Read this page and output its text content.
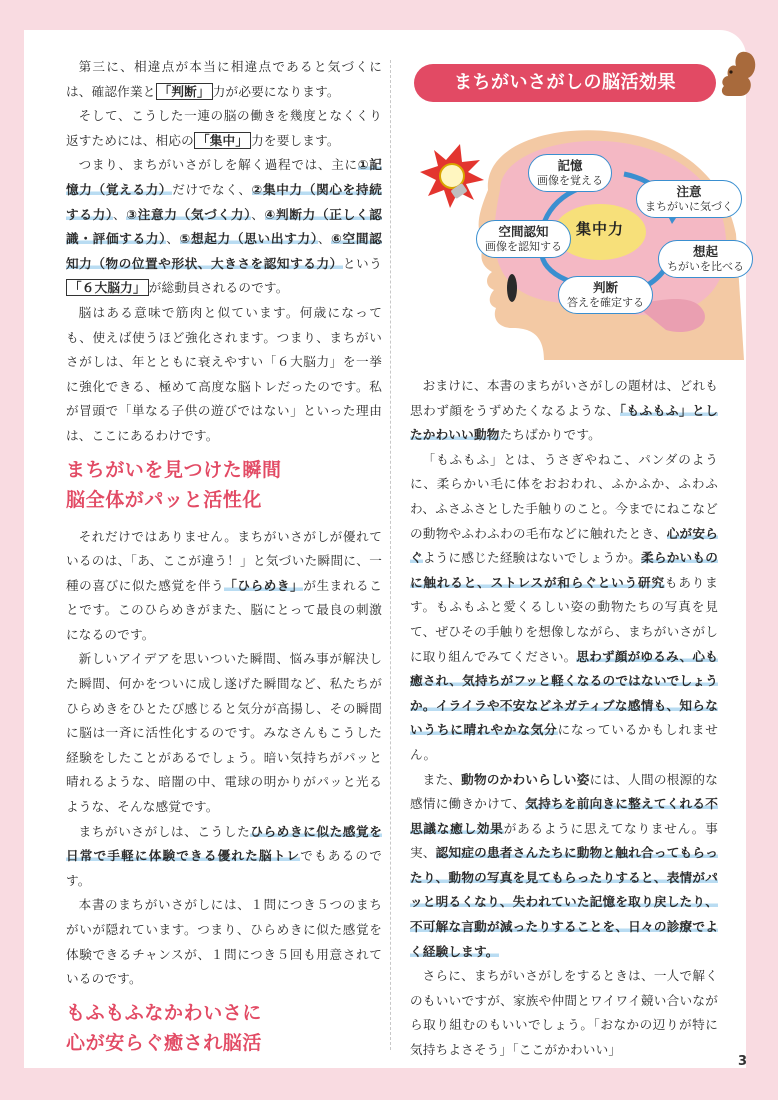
第三に、相違点が本当に相違点であると気づくには、確認作業と 「判断」 力が必要になります。

そして、こうした一連の脳の働きを幾度となくくり返すためには、相応の 「集中」 力を要します。

つまり、まちがいさがしを解く過程では、主に①記憶力（覚える力）だけでなく、②集中力（関心を持続する力）、③注意力（気づく力）、④判断力（正しく認識・評価する力）、⑤想起力（思い出す力）、⑥空間認知力（物の位置や形状、大きさを認知する力）という「６大脳力」 が総動員されるのです。

脳はある意味で筋肉と似ています。何歳になっても、使えば使うほど強化されます。つまり、まちがいさがしは、年とともに衰えやすい「６大脳力」を一挙に強化できる、極めて高度な脳トレだったのです。私が冒頭で「単なる子供の遊びではない」といった理由は、ここにあるわけです。

まちがいを見つけた瞬間
脳全体がパッと活性化

それだけではありません。まちがいさがしが優れているのは、「あ、ここが違う！」と気づいた瞬間に、一種の喜びに似た感覚を伴う「ひらめき」が生まれることです。このひらめきがまた、脳にとって最良の刺激になるのです。

新しいアイデアを思いついた瞬間、悩み事が解決した瞬間、何かをついに成し遂げた瞬間など、私たちがひらめきをひとたび感じると気分が高揚し、その瞬間に脳は一斉に活性化するのです。みなさんもこうした経験をしたことがあるでしょう。暗い気持ちがパッと晴れるような、暗闇の中、電球の明かりがパッと光るような、そんな感覚です。

まちがいさがしは、こうしたひらめきに似た感覚を日常で手軽に体験できる優れた脳トレでもあるのです。

本書のまちがいさがしには、１問につき５つのまちがいが隠れています。つまり、ひらめきに似た感覚を体験できるチャンスが、１問につき５回も用意されているのです。

もふもふなかわいさに
心が安らぐ癒され脳活
まちがいさがしの脳活効果
記憶
画像を覚える
注意
まちがいに気づく
空間認知
画像を認知する
集中力
想起
ちがいを比べる
判断
答えを確定する

おまけに、本書のまちがいさがしの題材は、どれも思わず顔をうずめたくなるような、「もふもふ」としたかわいい動物たちばかりです。

「もふもふ」とは、うさぎやねこ、パンダのように、柔らかい毛に体をおおわれ、ふかふか、ふわふわ、ふさふさとした手触りのこと。今までにねこなどの動物やふわふわの毛布などに触れたとき、心が安らぐように感じた経験はないでしょうか。柔らかいものに触れると、ストレスが和らぐという研究もあります。もふもふと愛くるしい姿の動物たちの写真を見て、ぜひその手触りを想像しながら、まちがいさがしに取り組んでみてください。思わず顔がゆるみ、心も癒され、気持ちがフッと軽くなるのではないでしょうか。イライラや不安などネガティブな感情も、知らないうちに晴れやかな気分になっているかもしれません。

また、動物のかわいらしい姿には、人間の根源的な感情に働きかけて、気持ちを前向きに整えてくれる不思議な癒し効果があるように思えてなりません。事実、認知症の患者さんたちに動物と触れ合ってもらったり、動物の写真を見てもらったりすると、表情がパッと明るくなり、失われていた記憶を取り戻したり、不可解な言動が減ったりすることを、日々の診療でよく経験します。

さらに、まちがいさがしをするときは、一人で解くのもいいですが、家族や仲間とワイワイ競い合いながら取り組むのもいいでしょう。「おなかの辺りが特に気持ちよさそう」「ここがかわいい」

3
